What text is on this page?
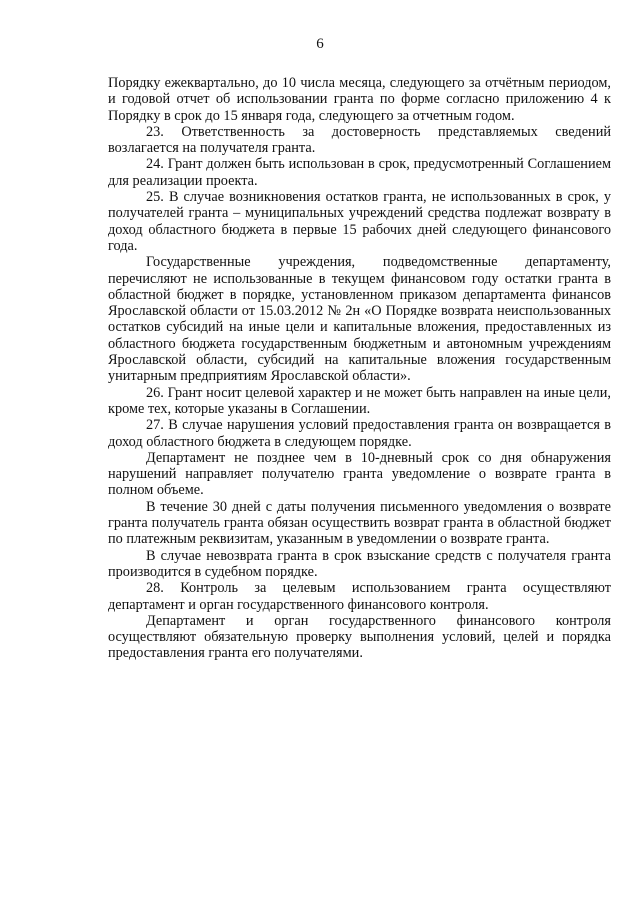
6

Порядку ежеквартально, до 10 числа месяца, следующего за отчётным периодом, и годовой отчет об использовании гранта по форме согласно приложению 4 к Порядку в срок до 15 января года, следующего за отчетным годом.

23. Ответственность за достоверность представляемых сведений возлагается на получателя гранта.

24. Грант должен быть использован в срок, предусмотренный Соглашением для реализации проекта.

25. В случае возникновения остатков гранта, не использованных в срок, у получателей гранта – муниципальных учреждений средства подлежат возврату в доход областного бюджета в первые 15 рабочих дней следующего финансового года.

Государственные учреждения, подведомственные департаменту, перечисляют не использованные в текущем финансовом году остатки гранта в областной бюджет в порядке, установленном приказом департамента финансов Ярославской области от 15.03.2012 № 2н «О Порядке возврата неиспользованных остатков субсидий на иные цели и капитальные вложения, предоставленных из областного бюджета государственным бюджетным и автономным учреждениям Ярославской области, субсидий на капитальные вложения государственным унитарным предприятиям Ярославской области».

26. Грант носит целевой характер и не может быть направлен на иные цели, кроме тех, которые указаны в Соглашении.

27. В случае нарушения условий предоставления гранта он возвращается в доход областного бюджета в следующем порядке.

Департамент не позднее чем в 10-дневный срок со дня обнаружения нарушений направляет получателю гранта уведомление о возврате гранта в полном объеме.

В течение 30 дней с даты получения письменного уведомления о возврате гранта получатель гранта обязан осуществить возврат гранта в областной бюджет по платежным реквизитам, указанным в уведомлении о возврате гранта.

В случае невозврата гранта в срок взыскание средств с получателя гранта производится в судебном порядке.

28. Контроль за целевым использованием гранта осуществляют департамент и орган государственного финансового контроля.

Департамент и орган государственного финансового контроля осуществляют обязательную проверку выполнения условий, целей и порядка предоставления гранта его получателями.
